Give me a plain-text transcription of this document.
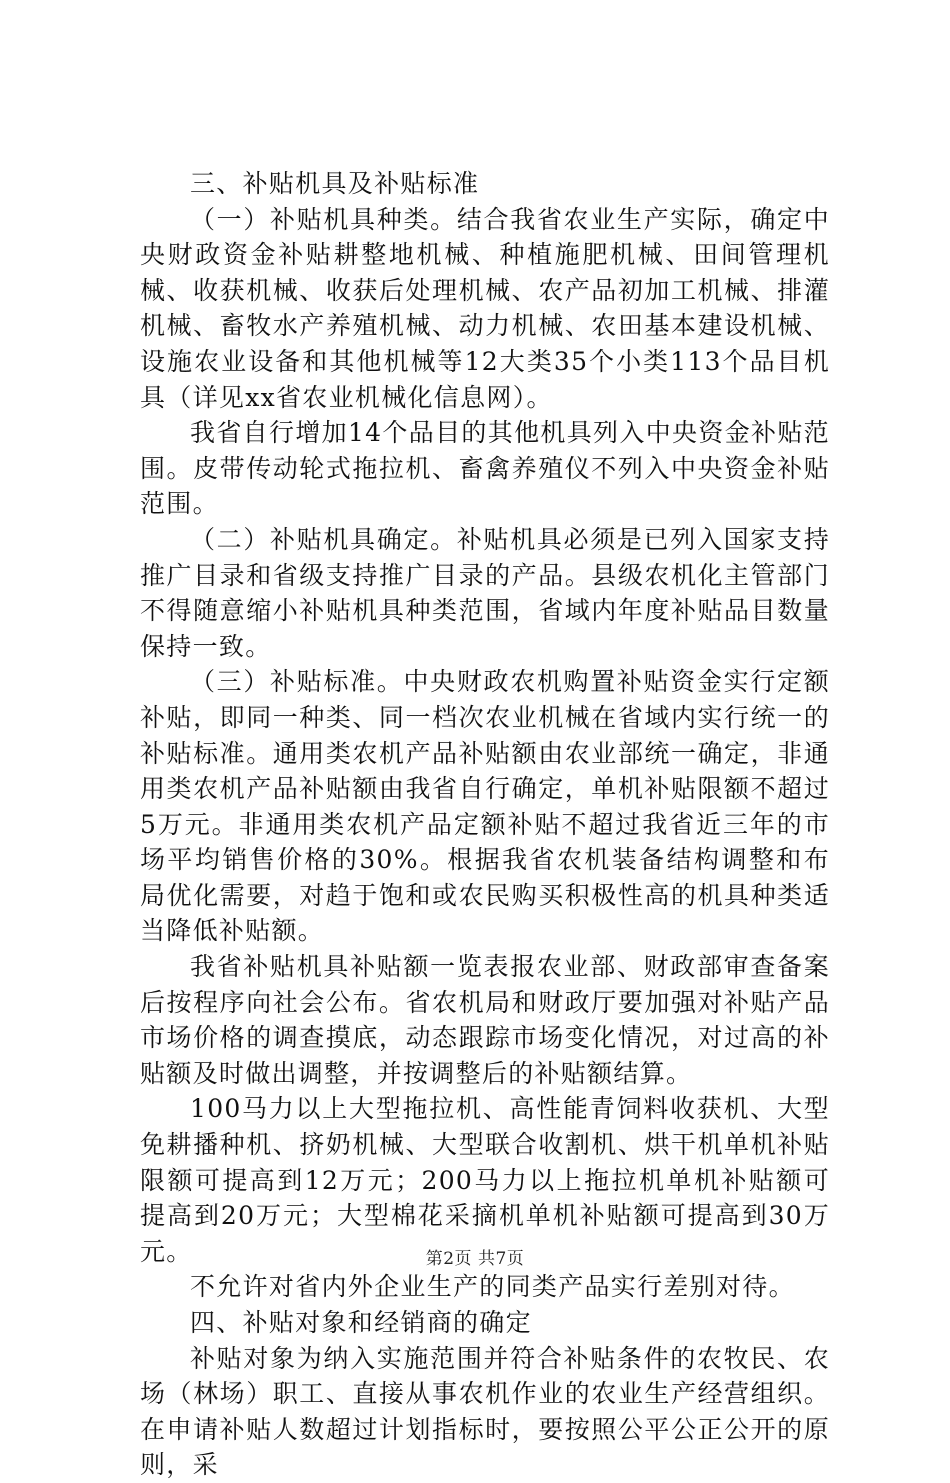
三、补贴机具及补贴标准

（一）补贴机具种类。结合我省农业生产实际，确定中央财政资金补贴耕整地机械、种植施肥机械、田间管理机械、收获机械、收获后处理机械、农产品初加工机械、排灌机械、畜牧水产养殖机械、动力机械、农田基本建设机械、设施农业设备和其他机械等12大类35个小类113个品目机具（详见xx省农业机械化信息网）。

我省自行增加14个品目的其他机具列入中央资金补贴范围。皮带传动轮式拖拉机、畜禽养殖仪不列入中央资金补贴范围。

（二）补贴机具确定。补贴机具必须是已列入国家支持推广目录和省级支持推广目录的产品。县级农机化主管部门不得随意缩小补贴机具种类范围，省域内年度补贴品目数量保持一致。

（三）补贴标准。中央财政农机购置补贴资金实行定额补贴，即同一种类、同一档次农业机械在省域内实行统一的补贴标准。通用类农机产品补贴额由农业部统一确定，非通用类农机产品补贴额由我省自行确定，单机补贴限额不超过5万元。非通用类农机产品定额补贴不超过我省近三年的市场平均销售价格的30%。根据我省农机装备结构调整和布局优化需要，对趋于饱和或农民购买积极性高的机具种类适当降低补贴额。

我省补贴机具补贴额一览表报农业部、财政部审查备案后按程序向社会公布。省农机局和财政厅要加强对补贴产品市场价格的调查摸底，动态跟踪市场变化情况，对过高的补贴额及时做出调整，并按调整后的补贴额结算。

100马力以上大型拖拉机、高性能青饲料收获机、大型免耕播种机、挤奶机械、大型联合收割机、烘干机单机补贴限额可提高到12万元；200马力以上拖拉机单机补贴额可提高到20万元；大型棉花采摘机单机补贴额可提高到30万元。

不允许对省内外企业生产的同类产品实行差别对待。

四、补贴对象和经销商的确定

补贴对象为纳入实施范围并符合补贴条件的农牧民、农场（林场）职工、直接从事农机作业的农业生产经营组织。在申请补贴人数超过计划指标时，要按照公平公正公开的原则，采

第2页 共7页
